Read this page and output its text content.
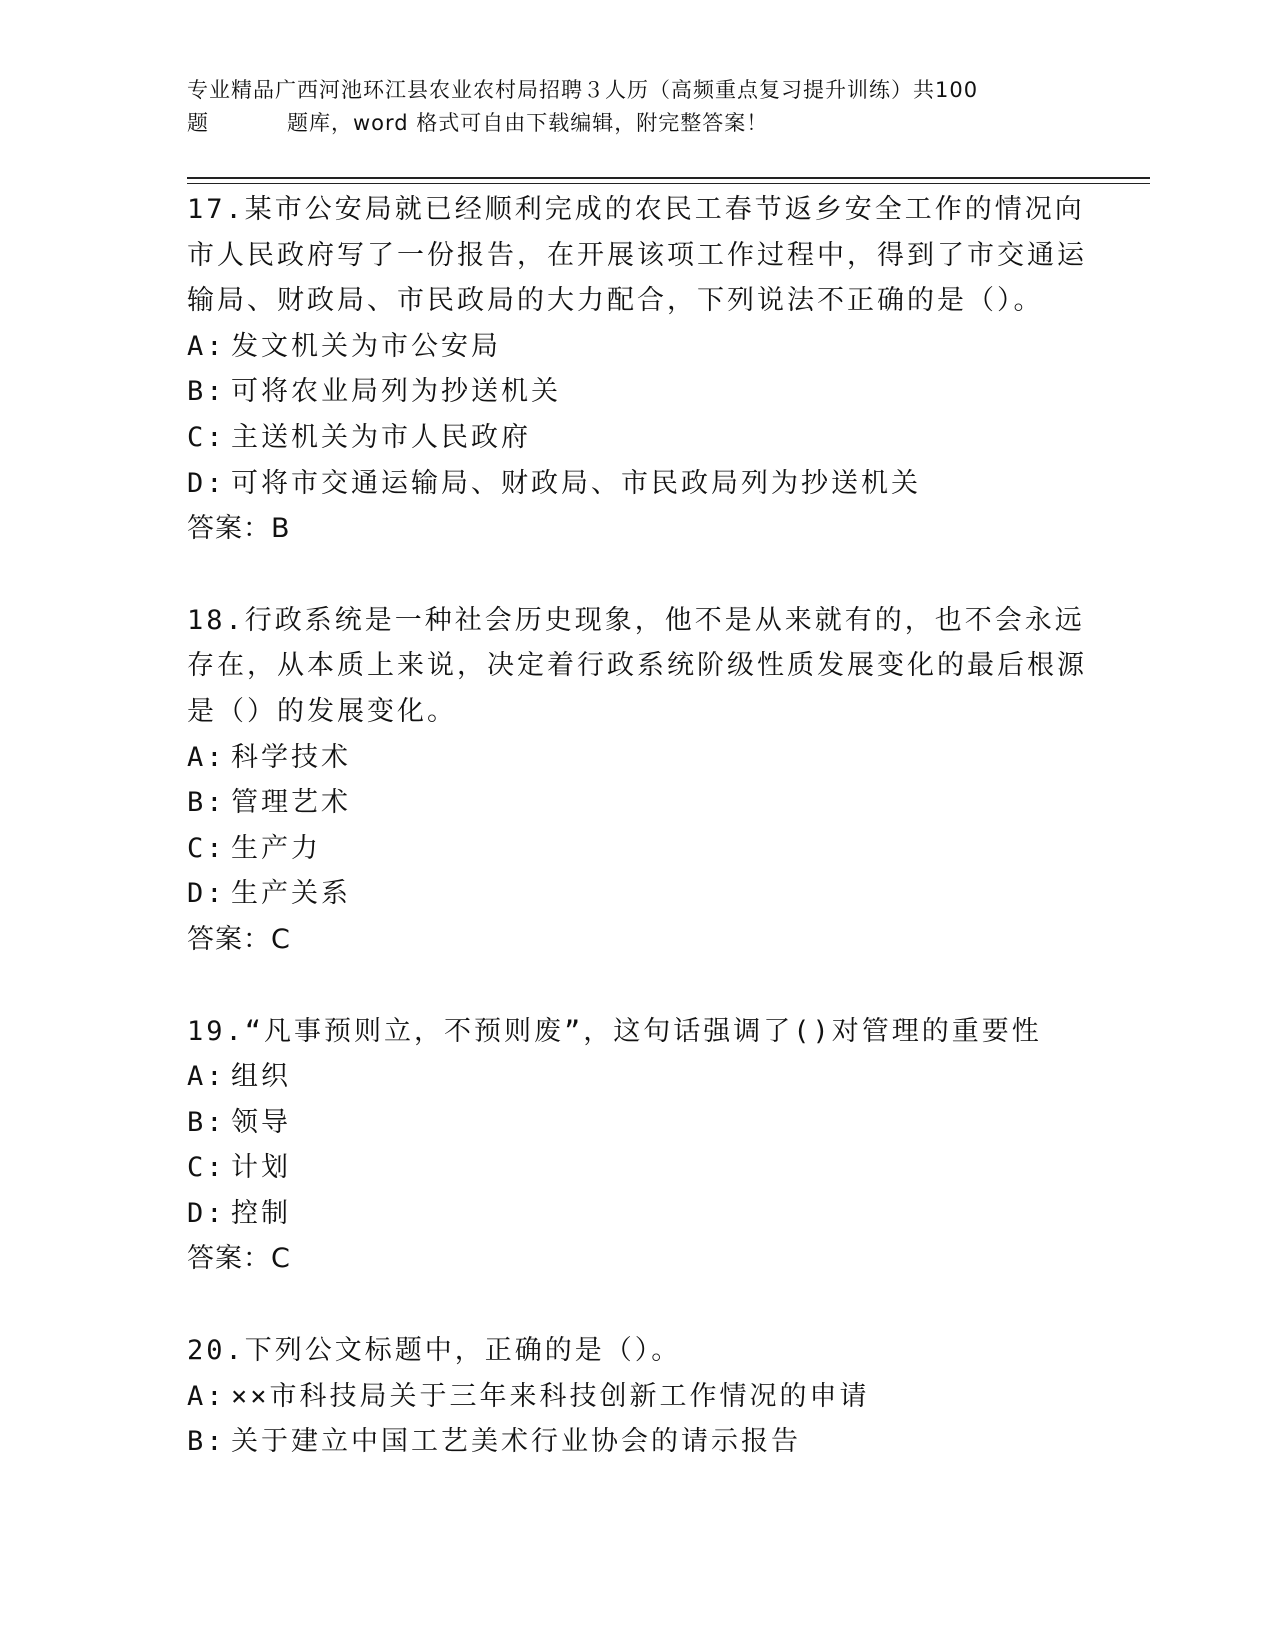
专业精品广西河池环江县农业农村局招聘３人历（高频重点复习提升训练）共100
题	题库，word 格式可自由下载编辑，附完整答案！
17.某市公安局就已经顺利完成的农民工春节返乡安全工作的情况向市人民政府写了一份报告，在开展该项工作过程中，得到了市交通运输局、财政局、市民政局的大力配合，下列说法不正确的是（）。
A: 发文机关为市公安局
B: 可将农业局列为抄送机关
C: 主送机关为市人民政府
D: 可将市交通运输局、财政局、市民政局列为抄送机关
答案：B
18.行政系统是一种社会历史现象，他不是从来就有的，也不会永远存在，从本质上来说，决定着行政系统阶级性质发展变化的最后根源是（）的发展变化。
A: 科学技术
B: 管理艺术
C: 生产力
D: 生产关系
答案：C
19.“凡事预则立，不预则废”，这句话强调了()对管理的重要性
A: 组织
B: 领导
C: 计划
D: 控制
答案：C
20.下列公文标题中，正确的是（）。
A: ××市科技局关于三年来科技创新工作情况的申请
B: 关于建立中国工艺美术行业协会的请示报告
